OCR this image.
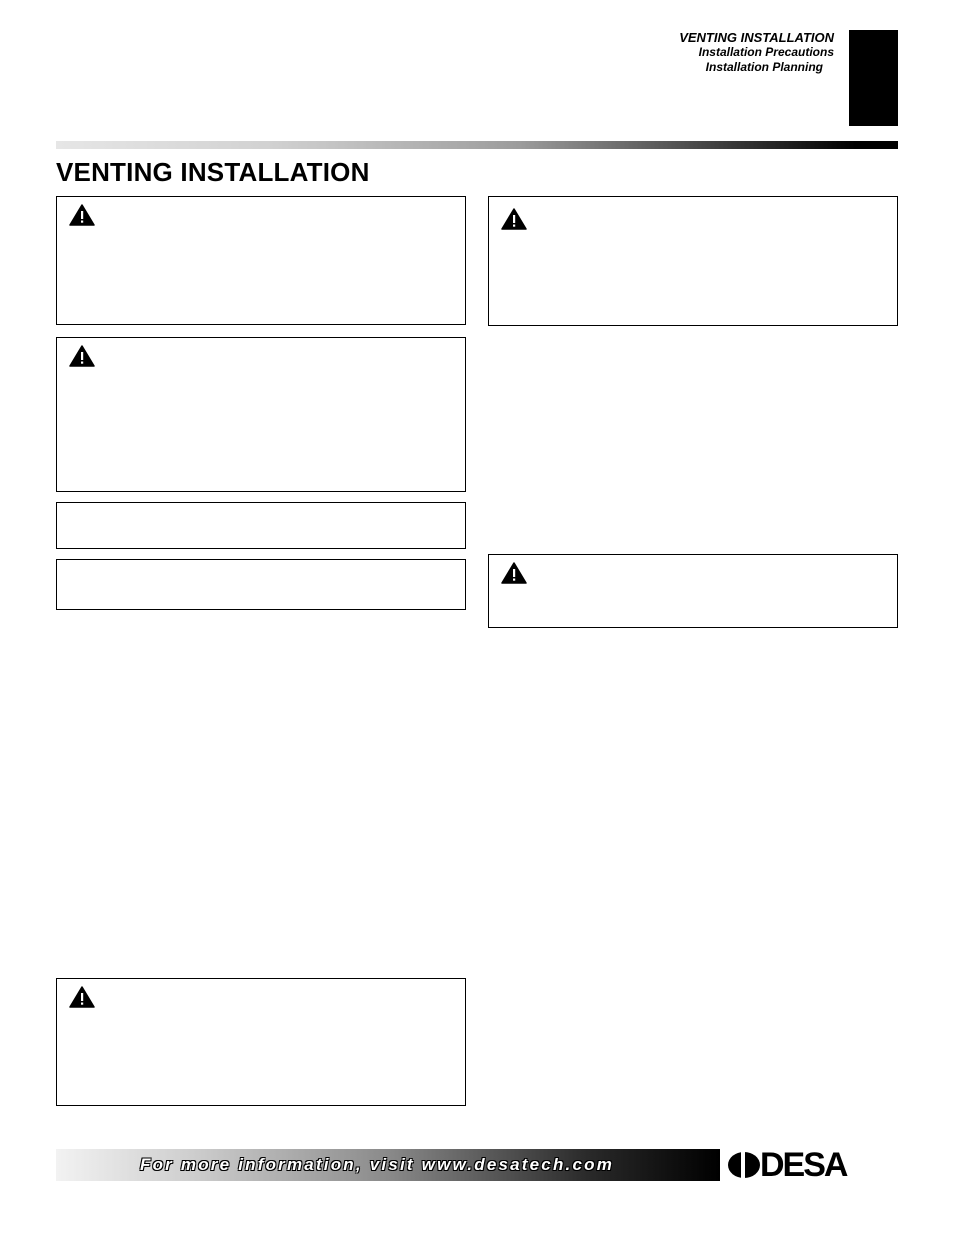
VENTING INSTALLATION
Installation Precautions
Installation Planning
VENTING INSTALLATION
For more information, visit www.desatech.com	DESA
